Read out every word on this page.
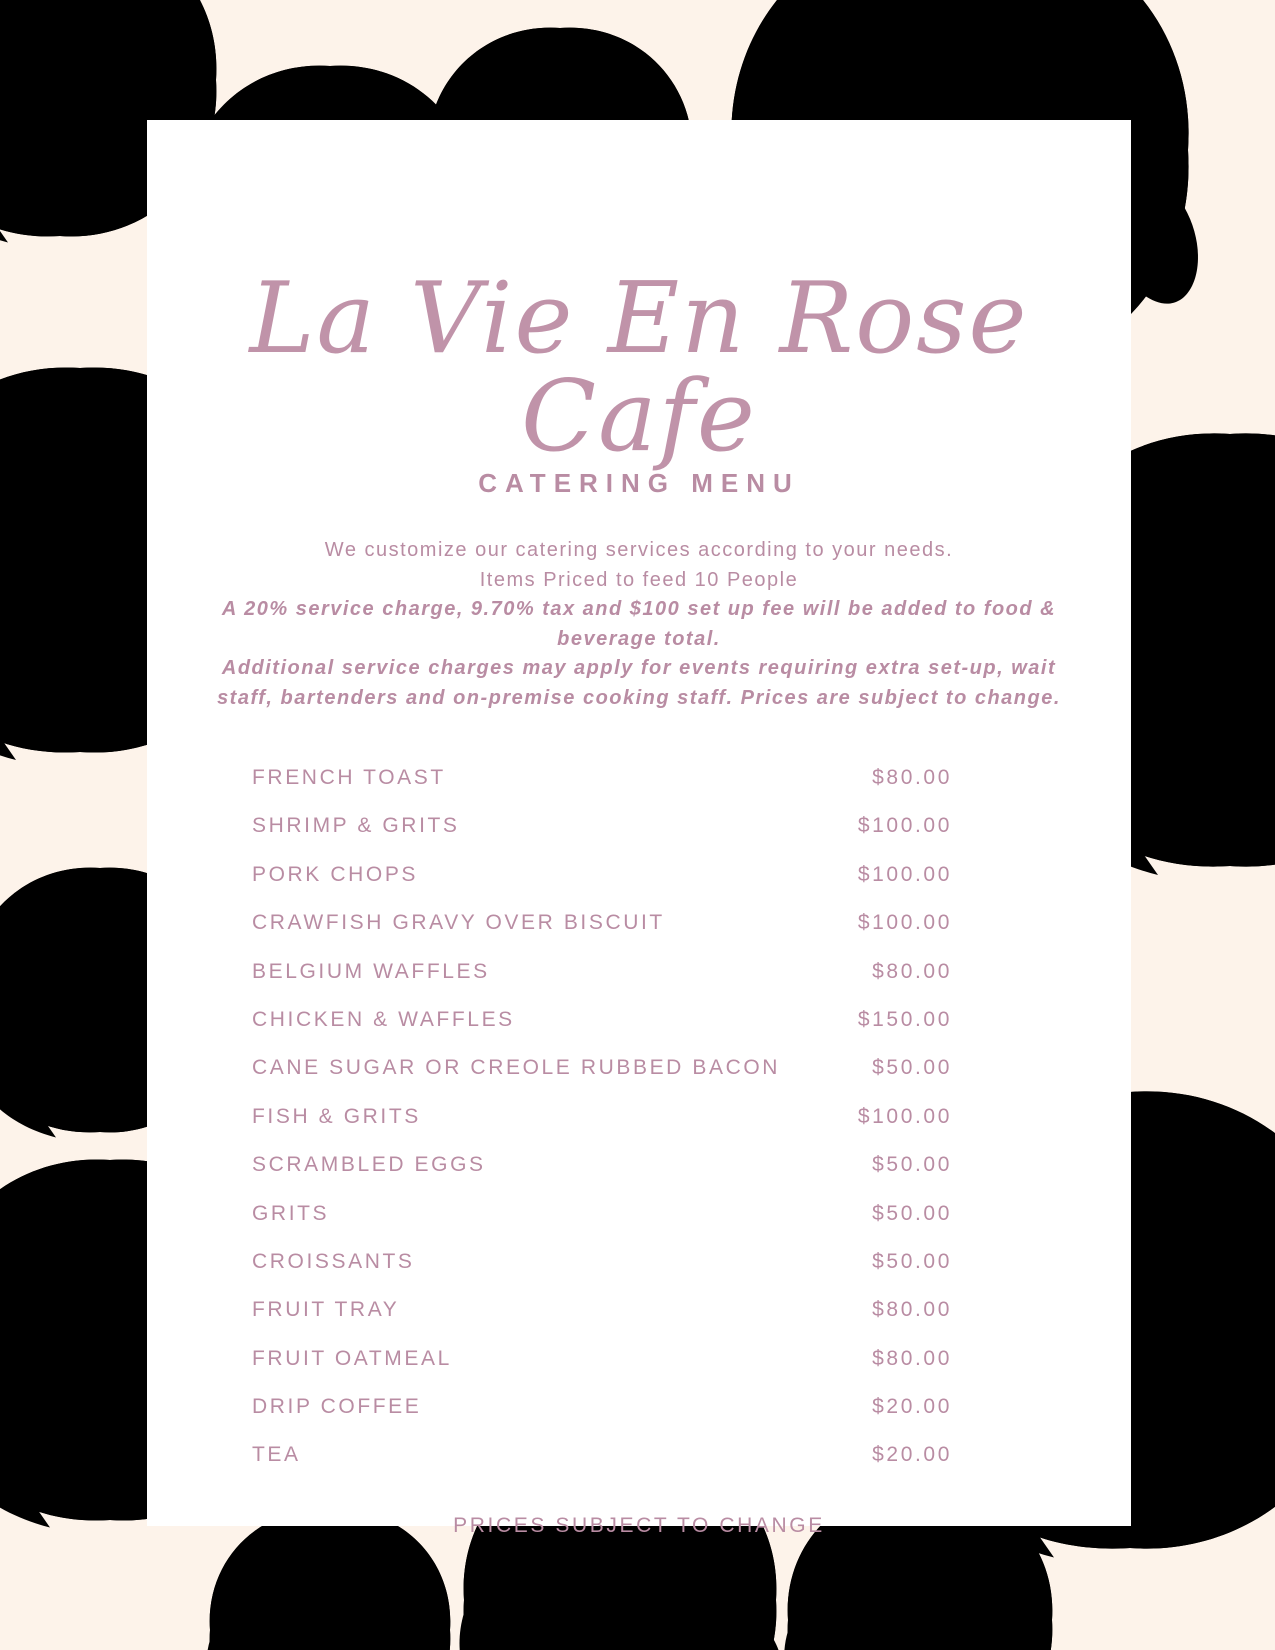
La Vie En Rose Cafe
CATERING MENU
We customize our catering services according to your needs.
Items Priced to feed 10 People
A 20% service charge, 9.70% tax and $100 set up fee will be added to food & beverage total.
Additional service charges may apply for events requiring extra set-up, wait staff, bartenders and on-premise cooking staff. Prices are subject to change.
FRENCH TOAST	$80.00
SHRIMP & GRITS	$100.00
PORK CHOPS	$100.00
CRAWFISH GRAVY OVER BISCUIT	$100.00
BELGIUM WAFFLES	$80.00
CHICKEN & WAFFLES	$150.00
CANE SUGAR OR CREOLE RUBBED BACON	$50.00
FISH & GRITS	$100.00
SCRAMBLED EGGS	$50.00
GRITS	$50.00
CROISSANTS	$50.00
FRUIT TRAY	$80.00
FRUIT OATMEAL	$80.00
DRIP COFFEE	$20.00
TEA	$20.00
PRICES SUBJECT TO CHANGE
